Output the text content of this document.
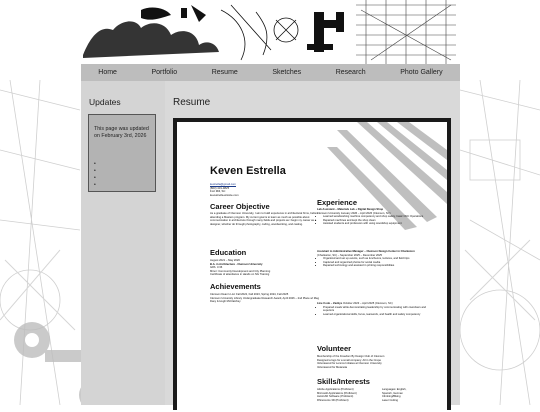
Home	Portfolio	Resume	Sketches	Research	Photo Gallery
Updates

This page was updated on February 3rd, 2026

•
•
•
•
Resume
Keven Estrella
kestrella@gmail.com
(803) 431-9825
Fort Mill, SC
kevestrella.wixsite.com
Career Objective
As a graduate of Clemson University, I aim to build experience in architectural firms, before attending a Masters program. My current goal is to learn as much as possible about communication in architecture through many fields and projects as I begin my career as a designer, whether do through photography, coding, woodworking, and casting.
Education
August 2021 – May 2026
B.A. in Architecture · Clemson University
GPA: 3.36
Minor: Community Development and City Planning
Certificate of attendance in Hands on NG Training
Achievements
Clemson Dean’s List: Fall 2022, Fall 2023, Spring 2024, Fall 2025
Clemson University Library Undergraduate Research Award, April 2026 – 2nd Place w/ Meg Davy & Hugh McClatchey
Experience
Lab Assistant – Materials Lab + Digital Design Shop
Clemson University January 2026 – April 2026 (Clemson, SC)
• Learned woodworking machine competency and shop safety, basic CNC Operations
• Repaired machines and kept the shop clean
• Assisted students and professors with using woodshop equipment
Assistant to Administrative Manager – Clemson Design Center in Charleston
(Charleston, SC) – September 2025 – December 2025
• Organized and set up events, such as luncheons, lectures, and field trips
• Captured and organized photos for social media
• Repaired technology and assisted in printing responsibilities
Line Cook – Zaxbys October 2023 – April 2025 (Clemson, SC)
• Prepared meals while demonstrating leadership by communicating with coworkers and superiors
• Learned organizational skills, focus, teamwork, and health and safety competency
Volunteer
Membership of the Freedom By Design Club of Clemson
Designed a logo for a small company: All in the Crepe
Volunteered for Lennox Initiates at Clemson University
Volunteered for Metanoia
Skills/Interests
Adobe Applications (Proficient)
Microsoft Applications (Proficient)
AutoCAD Software (Proficient)
Rhinoceros 3D (Proficient)
Languages: English,
Spanish, German
Climbing/Biking
Laser Cutting
